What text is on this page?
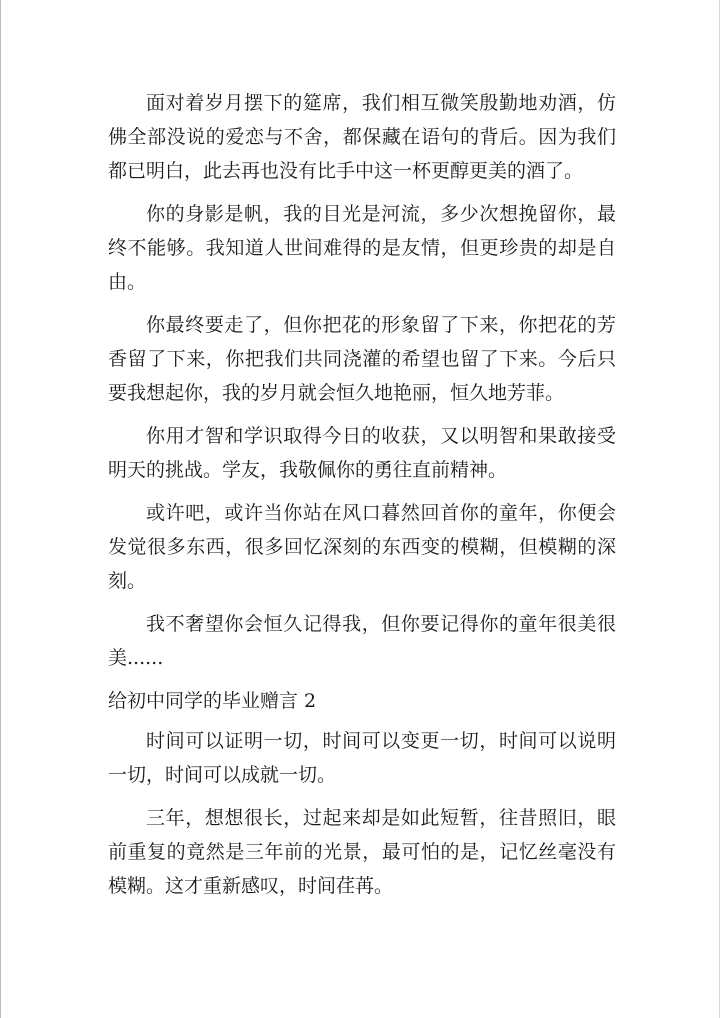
面对着岁月摆下的筵席，我们相互微笑殷勤地劝酒，仿佛全部没说的爱恋与不舍，都保藏在语句的背后。因为我们都已明白，此去再也没有比手中这一杯更醇更美的酒了。

你的身影是帆，我的目光是河流，多少次想挽留你，最终不能够。我知道人世间难得的是友情，但更珍贵的却是自由。

你最终要走了，但你把花的形象留了下来，你把花的芳香留了下来，你把我们共同浇灌的希望也留了下来。今后只要我想起你，我的岁月就会恒久地艳丽，恒久地芳菲。

你用才智和学识取得今日的收获，又以明智和果敢接受明天的挑战。学友，我敬佩你的勇往直前精神。

或许吧，或许当你站在风口暮然回首你的童年，你便会发觉很多东西，很多回忆深刻的东西变的模糊，但模糊的深刻。

我不奢望你会恒久记得我，但你要记得你的童年很美很美......

给初中同学的毕业赠言 2

时间可以证明一切，时间可以变更一切，时间可以说明一切，时间可以成就一切。

三年，想想很长，过起来却是如此短暂，往昔照旧，眼前重复的竟然是三年前的光景，最可怕的是，记忆丝毫没有模糊。这才重新感叹，时间荏苒。
